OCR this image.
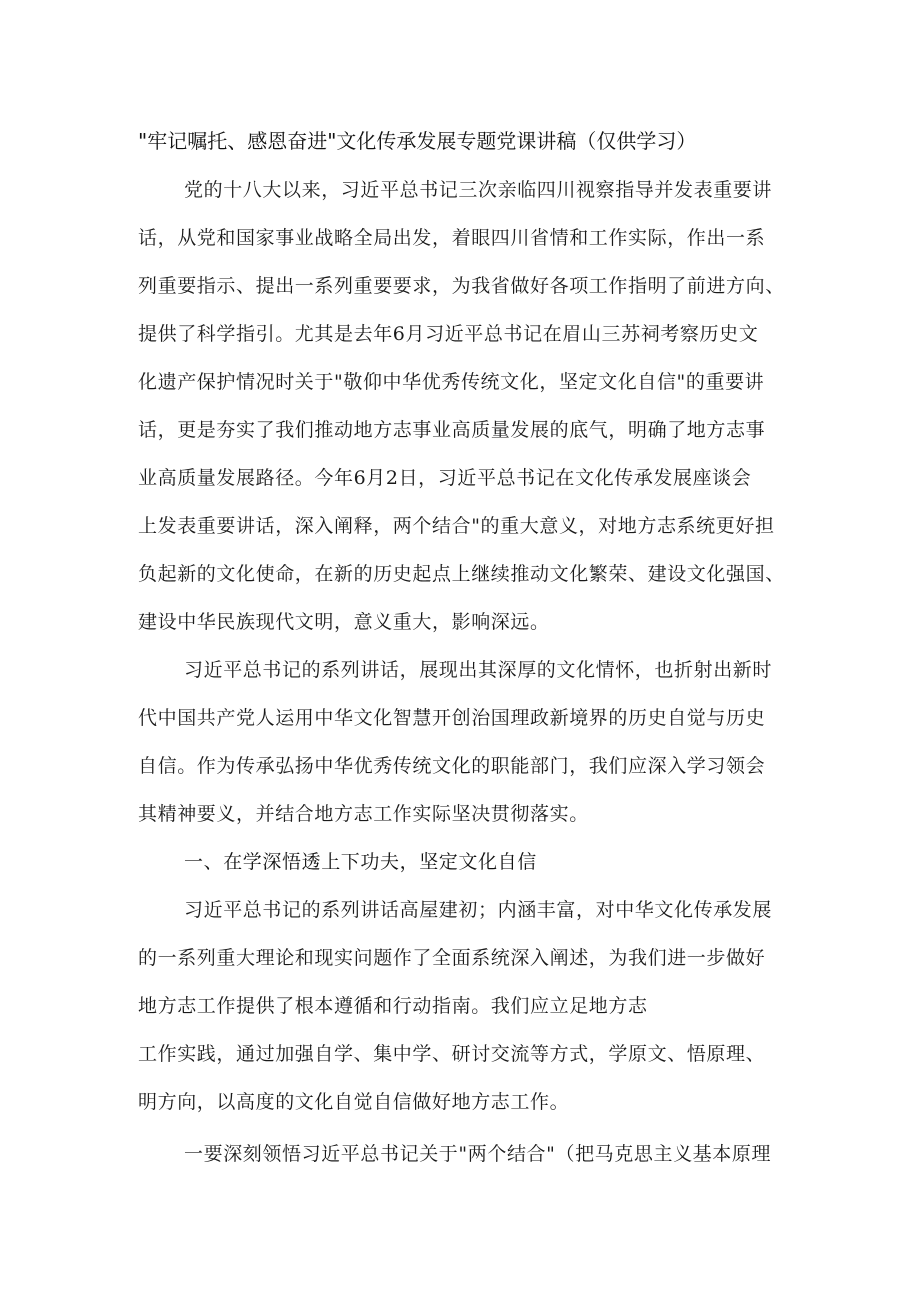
"牢记嘱托、感恩奋进"文化传承发展专题党课讲稿（仅供学习）
党的十八大以来，习近平总书记三次亲临四川视察指导并发表重要讲
话，从党和国家事业战略全局出发，着眼四川省情和工作实际，作出一系
列重要指示、提出一系列重要要求，为我省做好各项工作指明了前进方向、
提供了科学指引。尤其是去年6月习近平总书记在眉山三苏祠考察历史文
化遗产保护情况时关于"敬仰中华优秀传统文化，坚定文化自信"的重要讲
话，更是夯实了我们推动地方志事业高质量发展的底气，明确了地方志事
业高质量发展路径。今年6月2日，习近平总书记在文化传承发展座谈会
上发表重要讲话，深入阐释，两个结合"的重大意义，对地方志系统更好担
负起新的文化使命，在新的历史起点上继续推动文化繁荣、建设文化强国、
建设中华民族现代文明，意义重大，影响深远。
习近平总书记的系列讲话，展现出其深厚的文化情怀，也折射出新时
代中国共产党人运用中华文化智慧开创治国理政新境界的历史自觉与历史
自信。作为传承弘扬中华优秀传统文化的职能部门，我们应深入学习领会
其精神要义，并结合地方志工作实际坚决贯彻落实。
一、在学深悟透上下功夫，坚定文化自信
习近平总书记的系列讲话高屋建初；内涵丰富，对中华文化传承发展
的一系列重大理论和现实问题作了全面系统深入阐述，为我们进一步做好
地方志工作提供了根本遵循和行动指南。我们应立足地方志
工作实践，通过加强自学、集中学、研讨交流等方式，学原文、悟原理、
明方向，以高度的文化自觉自信做好地方志工作。
一要深刻领悟习近平总书记关于"两个结合"（把马克思主义基本原理
